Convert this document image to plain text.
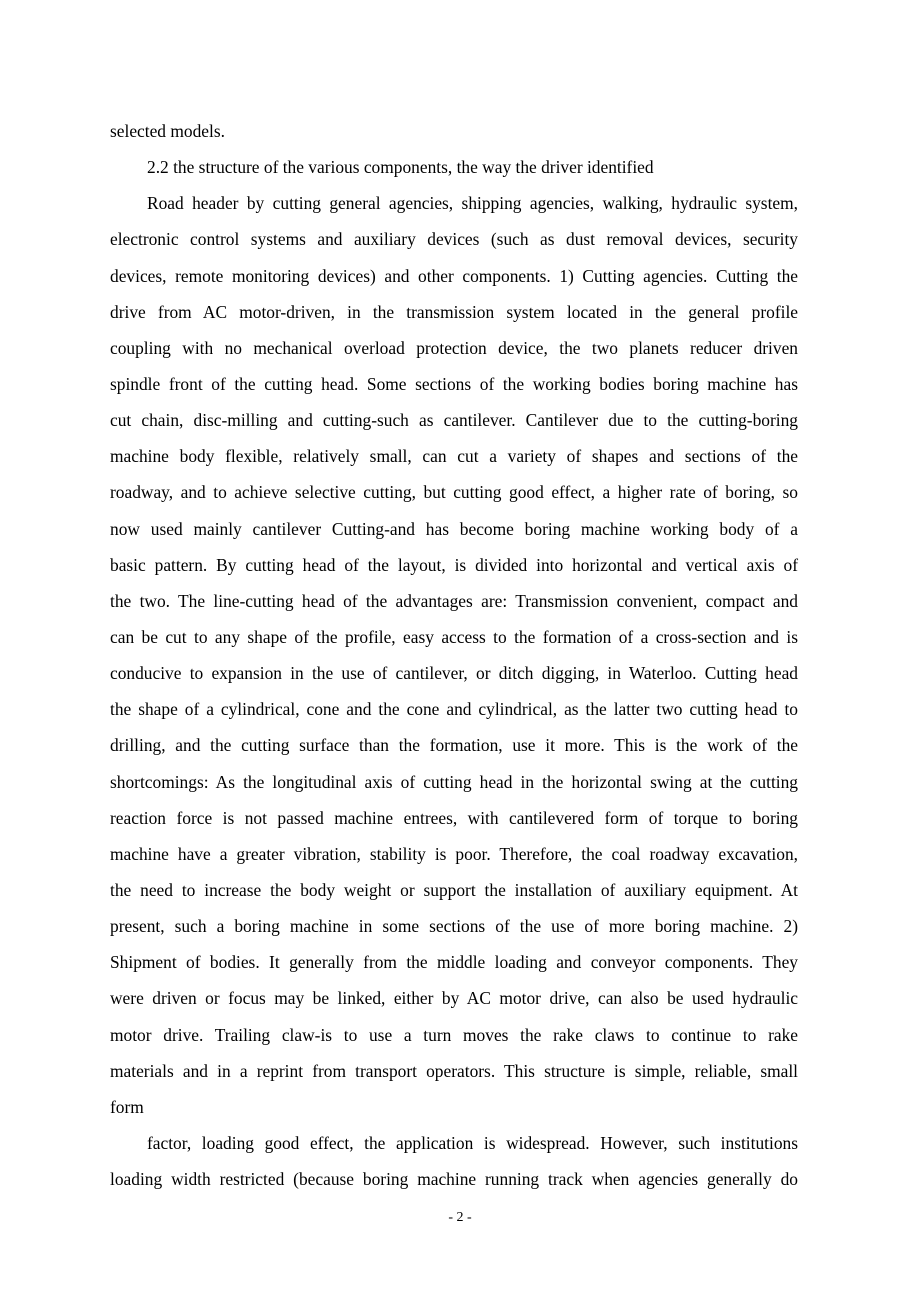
selected models.
2.2 the structure of the various components, the way the driver identified
Road header by cutting general agencies, shipping agencies, walking, hydraulic system,
electronic control systems and auxiliary devices (such as dust removal devices, security
devices, remote monitoring devices) and other components. 1) Cutting agencies. Cutting the
drive from AC motor-driven, in the transmission system located in the general profile
coupling with no mechanical overload protection device, the two planets reducer driven
spindle front of the cutting head. Some sections of the working bodies boring machine has
cut chain, disc-milling and cutting-such as cantilever. Cantilever due to the cutting-boring
machine body flexible, relatively small, can cut a variety of shapes and sections of the
roadway, and to achieve selective cutting, but cutting good effect, a higher rate of boring, so
now used mainly cantilever Cutting-and has become boring machine working body of a
basic pattern. By cutting head of the layout, is divided into horizontal and vertical axis of
the two. The line-cutting head of the advantages are: Transmission convenient, compact and
can be cut to any shape of the profile, easy access to the formation of a cross-section and is
conducive to expansion in the use of cantilever, or ditch digging, in Waterloo. Cutting head
the shape of a cylindrical, cone and the cone and cylindrical, as the latter two cutting head to
drilling, and the cutting surface than the formation, use it more. This is the work of the
shortcomings: As the longitudinal axis of cutting head in the horizontal swing at the cutting
reaction force is not passed machine entrees, with cantilevered form of torque to boring
machine have a greater vibration, stability is poor. Therefore, the coal roadway excavation,
the need to increase the body weight or support the installation of auxiliary equipment. At
present, such a boring machine in some sections of the use of more boring machine. 2)
Shipment of bodies. It generally from the middle loading and conveyor components. They
were driven or focus may be linked, either by AC motor drive, can also be used hydraulic
motor drive. Trailing claw-is to use a turn moves the rake claws to continue to rake
materials and in a reprint from transport operators. This structure is simple, reliable, small
form
factor, loading good effect, the application is widespread. However, such institutions
loading width restricted (because boring machine running track when agencies generally do
- 2 -
